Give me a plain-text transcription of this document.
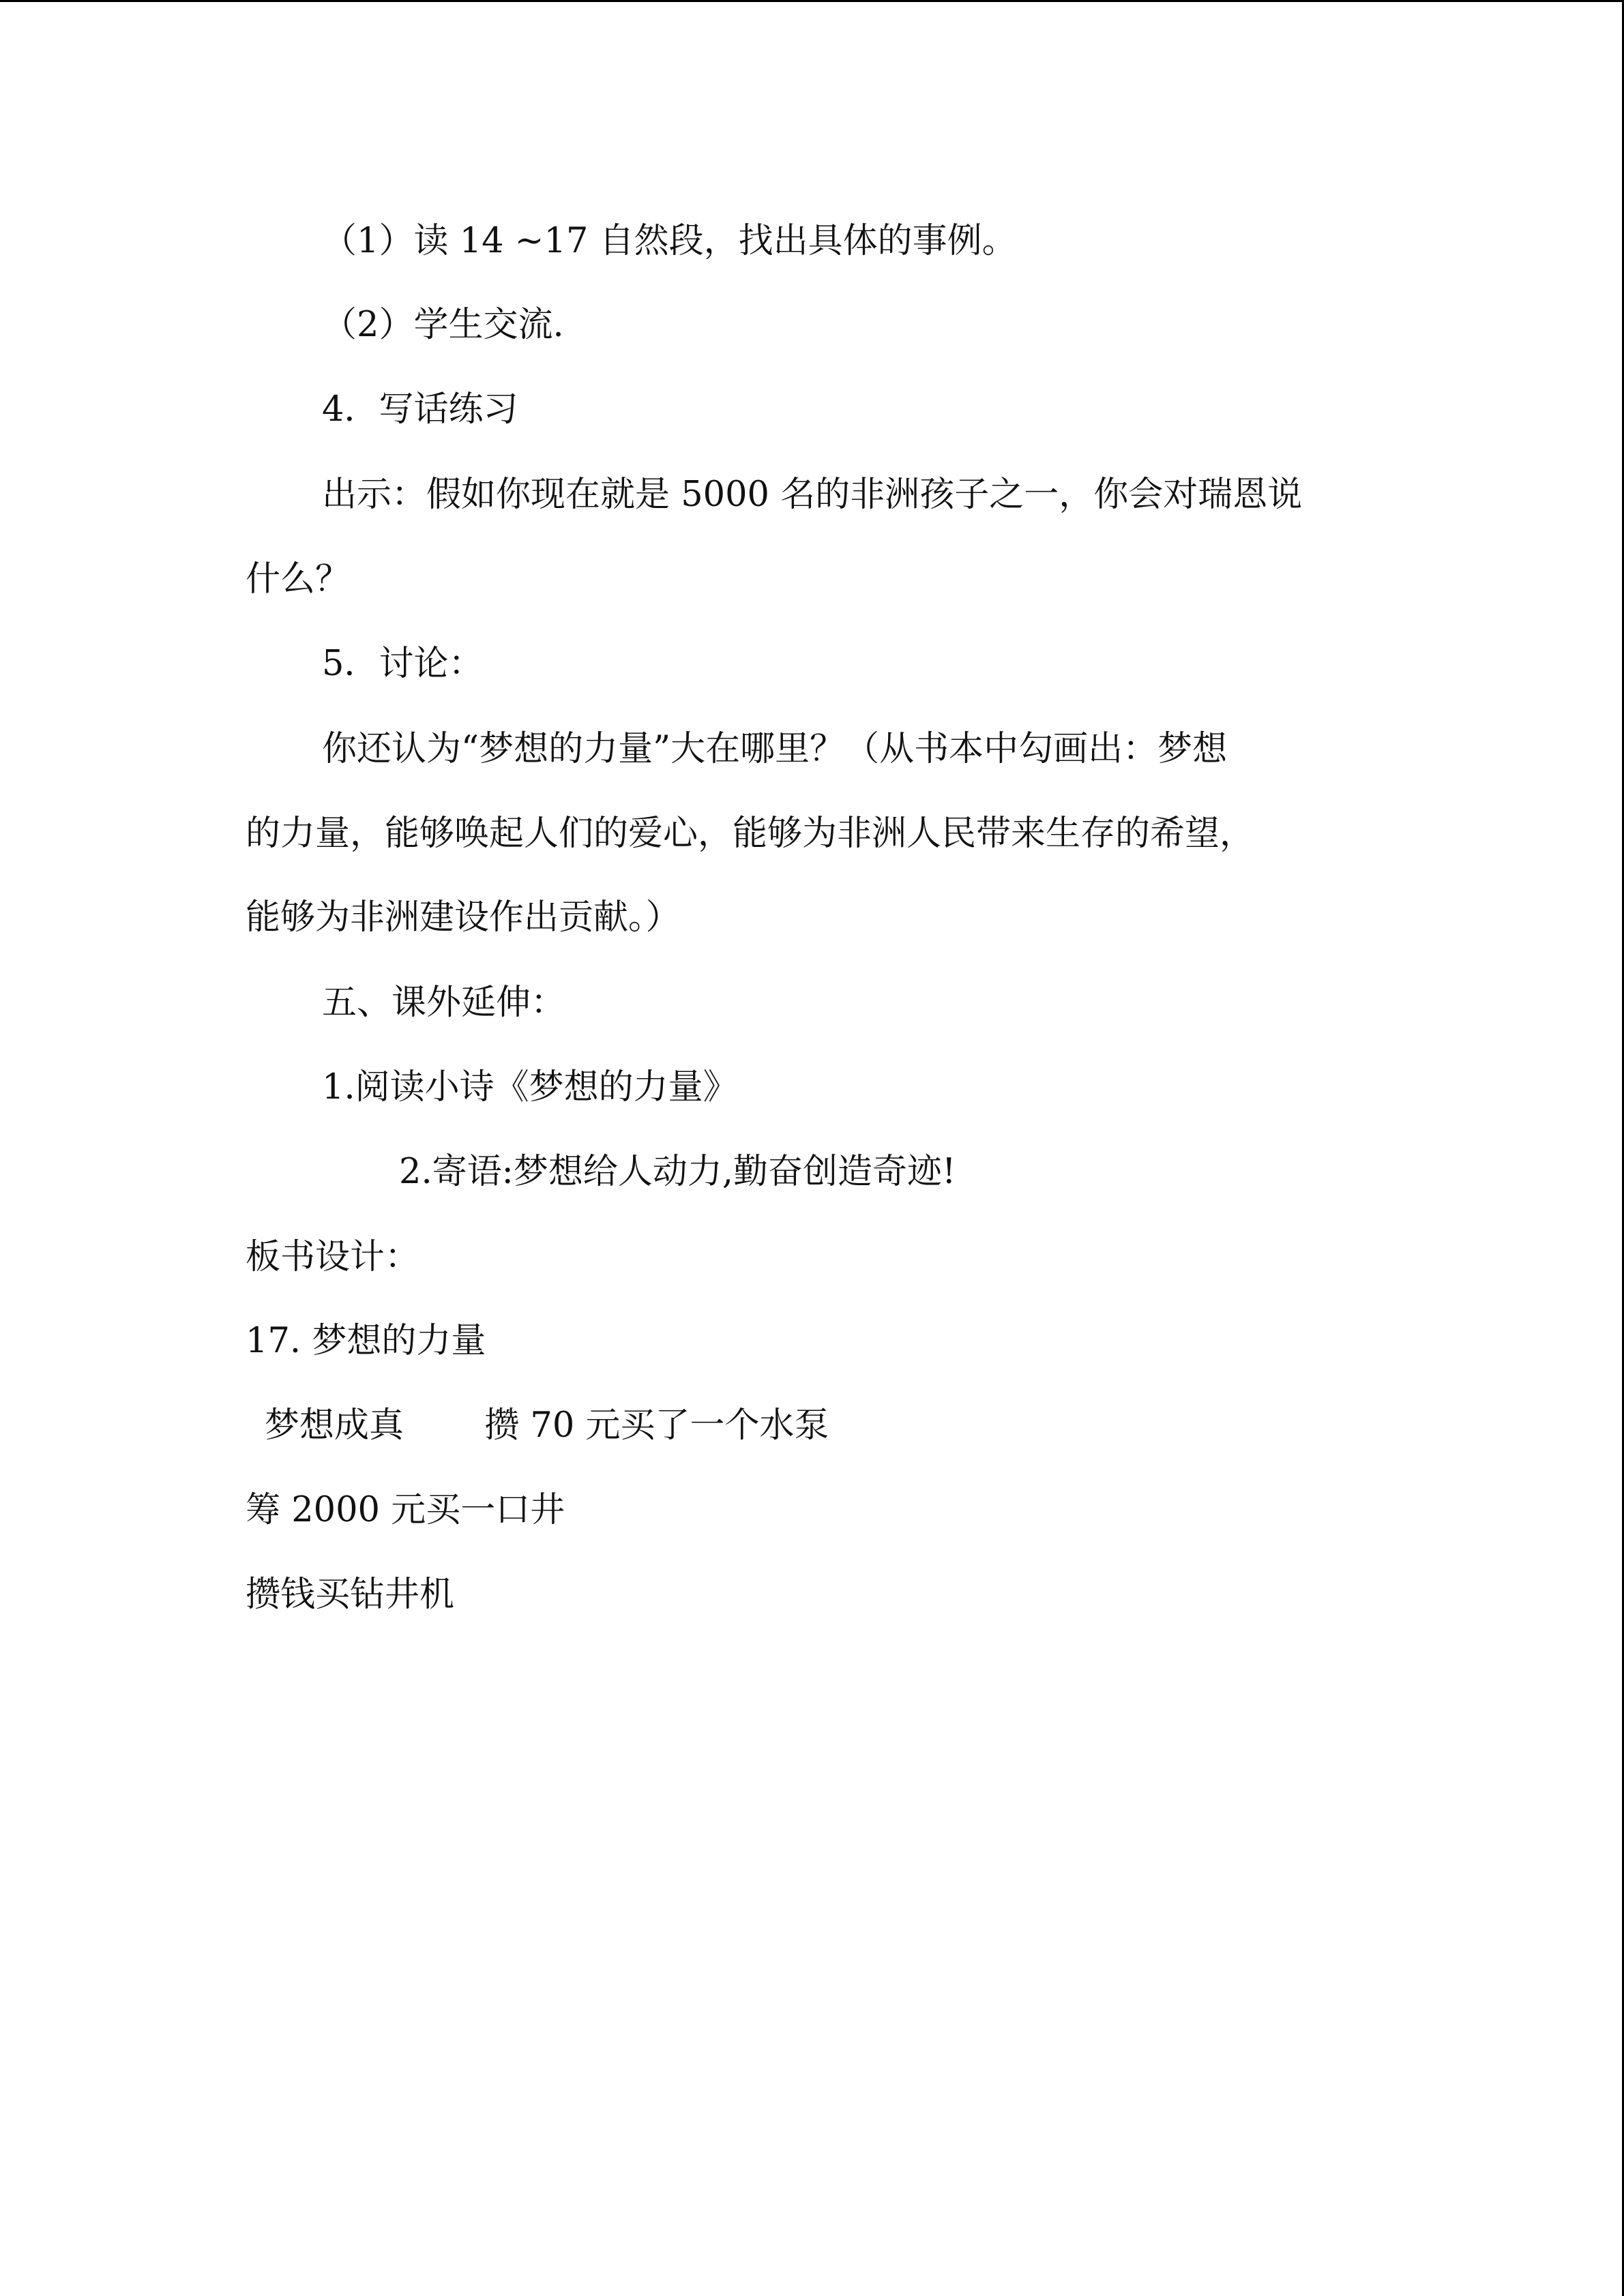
（1）读 14 ~17 自然段，找出具体的事例。
（2）学生交流.
4．写话练习
出示：假如你现在就是 5000 名的非洲孩子之一，你会对瑞恩说
什么？
5．讨论：
你还认为“梦想的力量”大在哪里？（从书本中勾画出：梦想
的力量，能够唤起人们的爱心，能够为非洲人民带来生存的希望，
能够为非洲建设作出贡献。）
五、课外延伸：
1.阅读小诗《梦想的力量》
2.寄语:梦想给人动力,勤奋创造奇迹!
板书设计：
17. 梦想的力量
梦想成真　　 攒 70 元买了一个水泵
筹 2000 元买一口井
攒钱买钻井机
